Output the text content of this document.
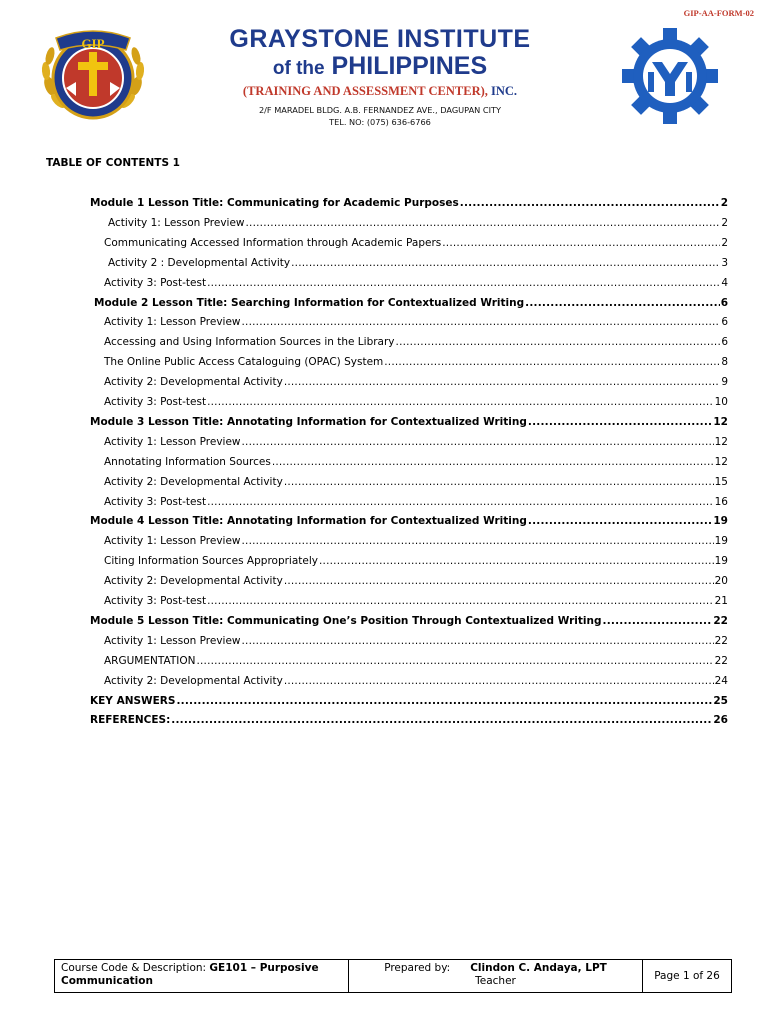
GIP-AA-FORM-02
GIP	GRAYSTONE INSTITUTE
of the PHILIPPINES
(TRAINING AND ASSESSMENT CENTER), INC.
2/F MARADEL BLDG. A.B. FERNANDEZ AVE., DAGUPAN CITY
TEL. NO: (075) 636-6766
TABLE OF CONTENTS 1
Module 1 Lesson Title: Communicating for Academic Purposes .....	2
Activity 1: Lesson Preview .....	2
Communicating Accessed Information through Academic Papers .....	2
Activity 2 : Developmental Activity .....	3
Activity 3: Post-test .....	4
Module 2 Lesson Title: Searching Information for Contextualized Writing .....	6
Activity 1: Lesson Preview .....	6
Accessing and Using Information Sources in the Library .....	6
The Online Public Access Cataloguing (OPAC) System .....	8
Activity 2: Developmental Activity .....	9
Activity 3: Post-test .....	10
Module 3 Lesson Title: Annotating Information for Contextualized Writing .....	12
Activity 1: Lesson Preview .....	12
Annotating Information Sources .....	12
Activity 2: Developmental Activity .....	15
Activity 3: Post-test .....	16
Module 4 Lesson Title: Annotating Information for Contextualized Writing .....	19
Activity 1: Lesson Preview .....	19
Citing Information Sources Appropriately .....	19
Activity 2: Developmental Activity .....	20
Activity 3: Post-test .....	21
Module 5 Lesson Title: Communicating One’s Position Through Contextualized Writing .....	22
Activity 1: Lesson Preview .....	22
ARGUMENTATION .....	22
Activity 2: Developmental Activity .....	24
KEY ANSWERS .....	25
REFERENCES: .....	26
Course Code & Description: GE101 – Purposive Communication
Prepared by: Clindon C. Andaya, LPT
Teacher	Page 1 of 26
